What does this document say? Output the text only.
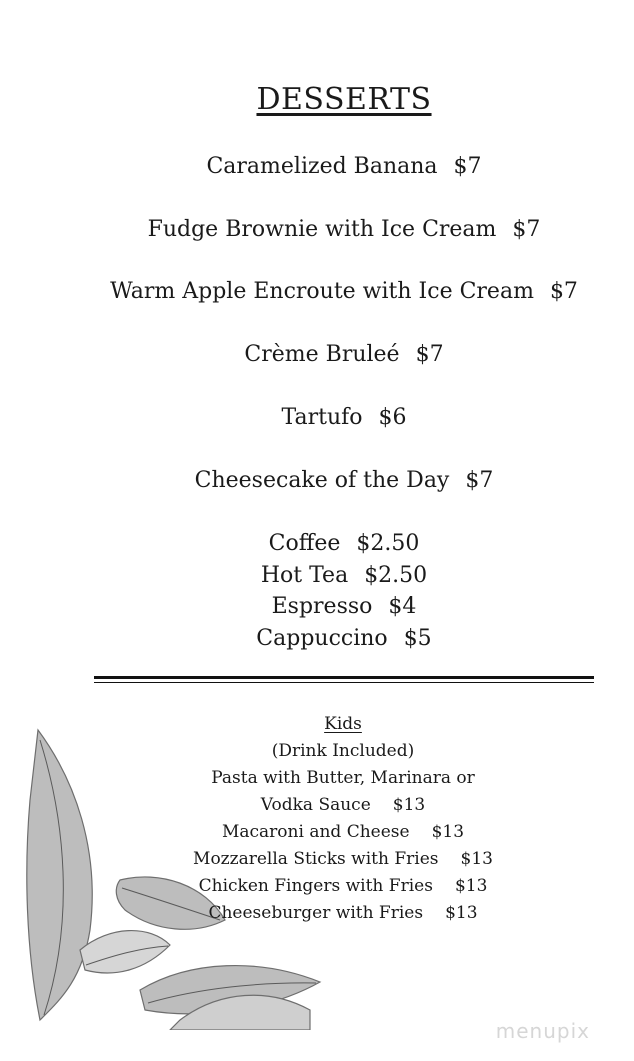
DESSERTS
Caramelized Banana $7
Fudge Brownie with Ice Cream $7
Warm Apple Encroute with Ice Cream $7
Crème Bruleé $7
Tartufo $6
Cheesecake of the Day $7
Coffee $2.50
Hot Tea $2.50
Espresso $4
Cappuccino $5
Kids
(Drink Included)
Pasta with Butter, Marinara or
Vodka Sauce $13
Macaroni and Cheese $13
Mozzarella Sticks with Fries $13
Chicken Fingers with Fries $13
Cheeseburger with Fries $13
menupix
